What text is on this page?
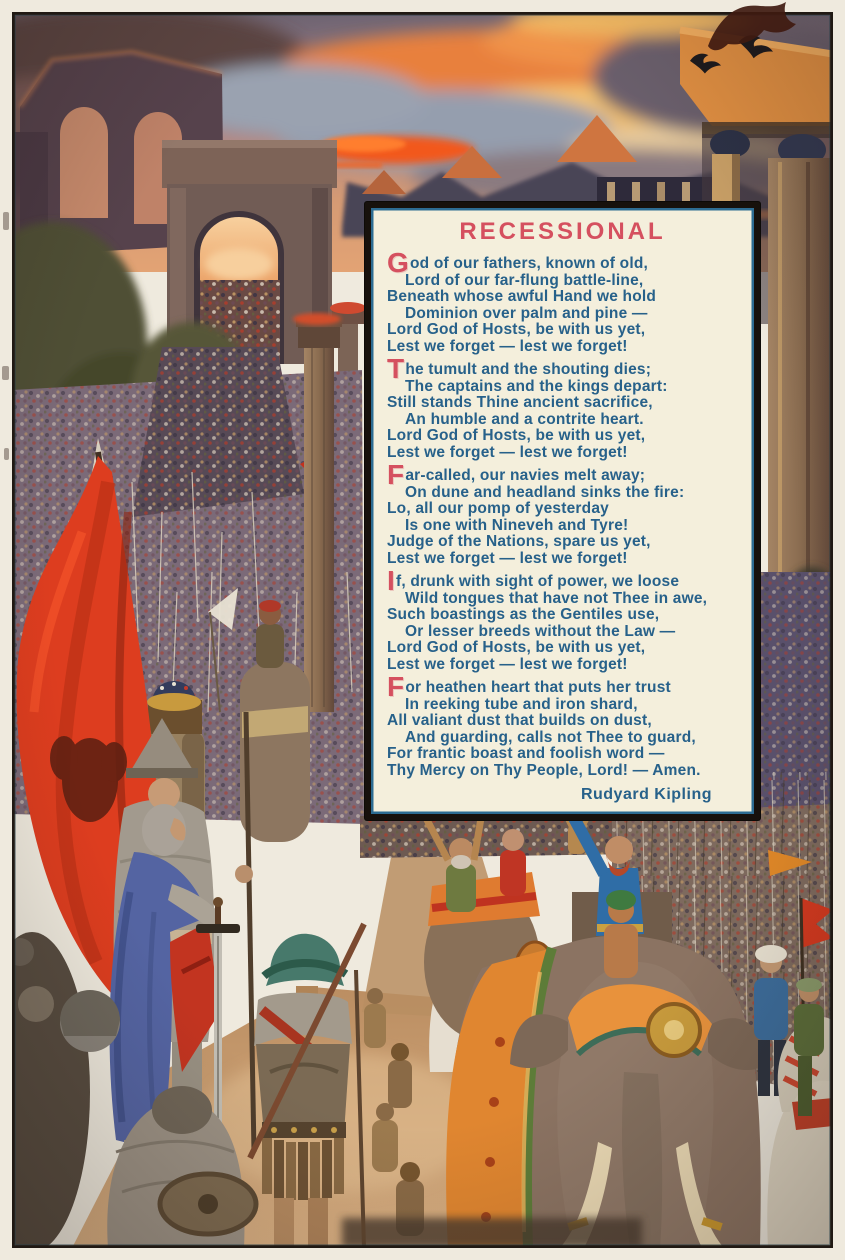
RECESSIONAL
God of our fathers, known of old,
Lord of our far-flung battle-line,
Beneath whose awful Hand we hold
Dominion over palm and pine —
Lord God of Hosts, be with us yet,
Lest we forget — lest we forget!
The tumult and the shouting dies;
The captains and the kings depart:
Still stands Thine ancient sacrifice,
An humble and a contrite heart.
Lord God of Hosts, be with us yet,
Lest we forget — lest we forget!
Far-called, our navies melt away;
On dune and headland sinks the fire:
Lo, all our pomp of yesterday
Is one with Nineveh and Tyre!
Judge of the Nations, spare us yet,
Lest we forget — lest we forget!
If, drunk with sight of power, we loose
Wild tongues that have not Thee in awe,
Such boastings as the Gentiles use,
Or lesser breeds without the Law —
Lord God of Hosts, be with us yet,
Lest we forget — lest we forget!
For heathen heart that puts her trust
In reeking tube and iron shard,
All valiant dust that builds on dust,
And guarding, calls not Thee to guard,
For frantic boast and foolish word —
Thy Mercy on Thy People, Lord! — Amen.
Rudyard Kipling
